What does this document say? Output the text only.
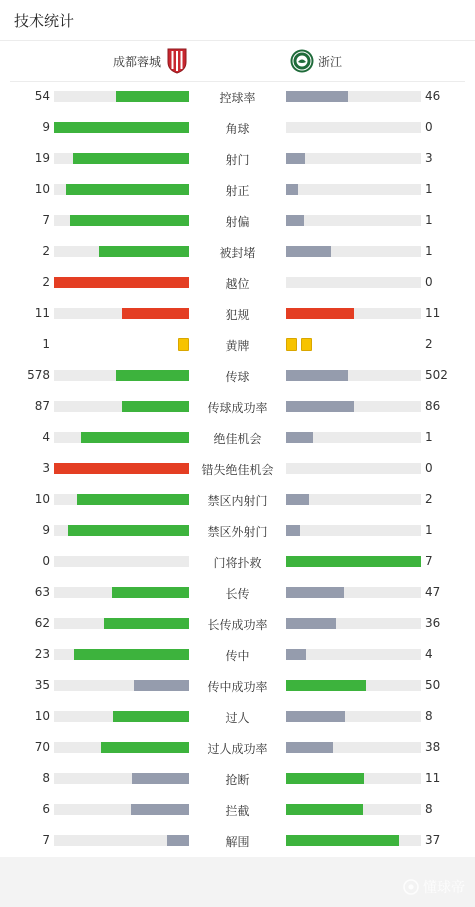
技术统计
成都蓉城	浙江
54	控球率	46
9	角球	0
19	射门	3
10	射正	1
7	射偏	1
2	被封堵	1
2	越位	0
11	犯规	11
1	黄牌	2
578	传球	502
87	传球成功率	86
4	绝佳机会	1
3	错失绝佳机会	0
10	禁区内射门	2
9	禁区外射门	1
0	门将扑救	7
63	长传	47
62	长传成功率	36
23	传中	4
35	传中成功率	50
10	过人	8
70	过人成功率	38
8	抢断	11
6	拦截	8
7	解围	37
懂球帝
